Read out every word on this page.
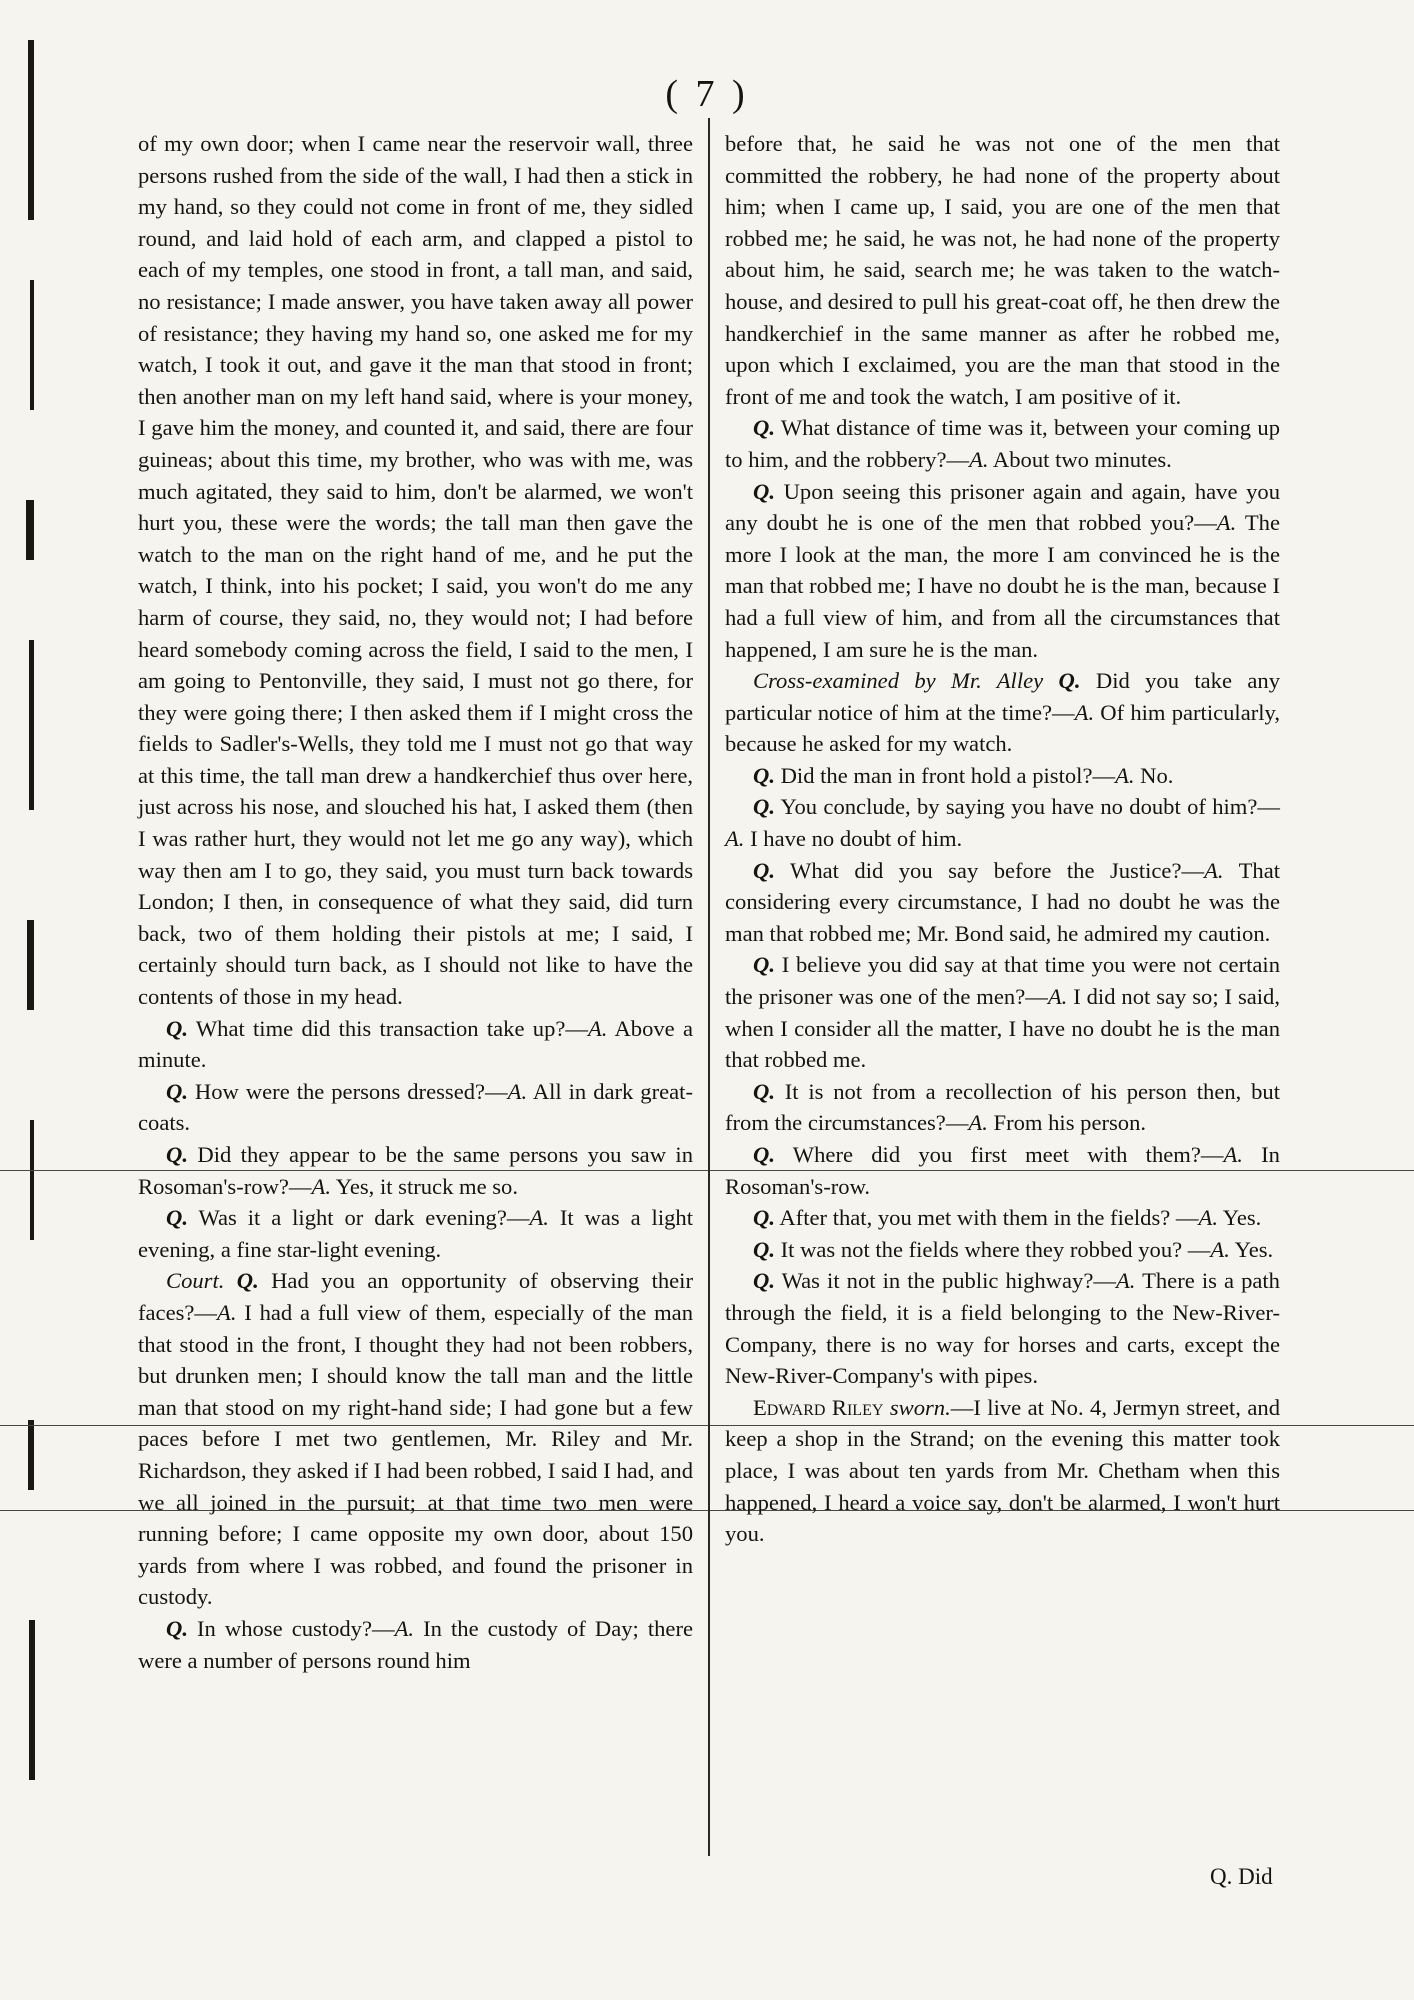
( 7 )

of my own door; when I came near the reservoir wall, three persons rushed from the side of the wall, I had then a stick in my hand, so they could not come in front of me, they sidled round, and laid hold of each arm, and clapped a pistol to each of my temples, one stood in front, a tall man, and said, no resistance; I made answer, you have taken away all power of resistance; they having my hand so, one asked me for my watch, I took it out, and gave it the man that stood in front; then another man on my left hand said, where is your money, I gave him the money, and counted it, and said, there are four guineas; about this time, my brother, who was with me, was much agitated, they said to him, don't be alarmed, we won't hurt you, these were the words; the tall man then gave the watch to the man on the right hand of me, and he put the watch, I think, into his pocket; I said, you won't do me any harm of course, they said, no, they would not; I had before heard somebody coming across the field, I said to the men, I am going to Pentonville, they said, I must not go there, for they were going there; I then asked them if I might cross the fields to Sadler's-Wells, they told me I must not go that way at this time, the tall man drew a handkerchief thus over here, just across his nose, and slouched his hat, I asked them (then I was rather hurt, they would not let me go any way), which way then am I to go, they said, you must turn back towards London; I then, in consequence of what they said, did turn back, two of them holding their pistols at me; I said, I certainly should turn back, as I should not like to have the contents of those in my head.

Q. What time did this transaction take up?—A. Above a minute.

Q. How were the persons dressed?—A. All in dark great-coats.

Q. Did they appear to be the same persons you saw in Rosoman's-row?—A. Yes, it struck me so.

Q. Was it a light or dark evening?—A. It was a light evening, a fine star-light evening.

Court. Q. Had you an opportunity of observing their faces?—A. I had a full view of them, especially of the man that stood in the front, I thought they had not been robbers, but drunken men; I should know the tall man and the little man that stood on my right-hand side; I had gone but a few paces before I met two gentlemen, Mr. Riley and Mr. Richardson, they asked if I had been robbed, I said I had, and we all joined in the pursuit; at that time two men were running before; I came opposite my own door, about 150 yards from where I was robbed, and found the prisoner in custody.

Q. In whose custody?—A. In the custody of Day; there were a number of persons round him

before that, he said he was not one of the men that committed the robbery, he had none of the property about him; when I came up, I said, you are one of the men that robbed me; he said, he was not, he had none of the property about him, he said, search me; he was taken to the watch-house, and desired to pull his great-coat off, he then drew the handkerchief in the same manner as after he robbed me, upon which I exclaimed, you are the man that stood in the front of me and took the watch, I am positive of it.

Q. What distance of time was it, between your coming up to him, and the robbery?—A. About two minutes.

Q. Upon seeing this prisoner again and again, have you any doubt he is one of the men that robbed you?—A. The more I look at the man, the more I am convinced he is the man that robbed me; I have no doubt he is the man, because I had a full view of him, and from all the circumstances that happened, I am sure he is the man.

Cross-examined by Mr. Alley Q. Did you take any particular notice of him at the time?—A. Of him particularly, because he asked for my watch.

Q. Did the man in front hold a pistol?—A. No.

Q. You conclude, by saying you have no doubt of him?—A. I have no doubt of him.

Q. What did you say before the Justice?—A. That considering every circumstance, I had no doubt he was the man that robbed me; Mr. Bond said, he admired my caution.

Q. I believe you did say at that time you were not certain the prisoner was one of the men?—A. I did not say so; I said, when I consider all the matter, I have no doubt he is the man that robbed me.

Q. It is not from a recollection of his person then, but from the circumstances?—A. From his person.

Q. Where did you first meet with them?—A. In Rosoman's-row.

Q. After that, you met with them in the fields? —A. Yes.

Q. It was not the fields where they robbed you? —A. Yes.

Q. Was it not in the public highway?—A. There is a path through the field, it is a field belonging to the New-River-Company, there is no way for horses and carts, except the New-River-Company's with pipes.

Edward Riley sworn.—I live at No. 4, Jermyn street, and keep a shop in the Strand; on the evening this matter took place, I was about ten yards from Mr. Chetham when this happened, I heard a voice say, don't be alarmed, I won't hurt you.

Q. Did
